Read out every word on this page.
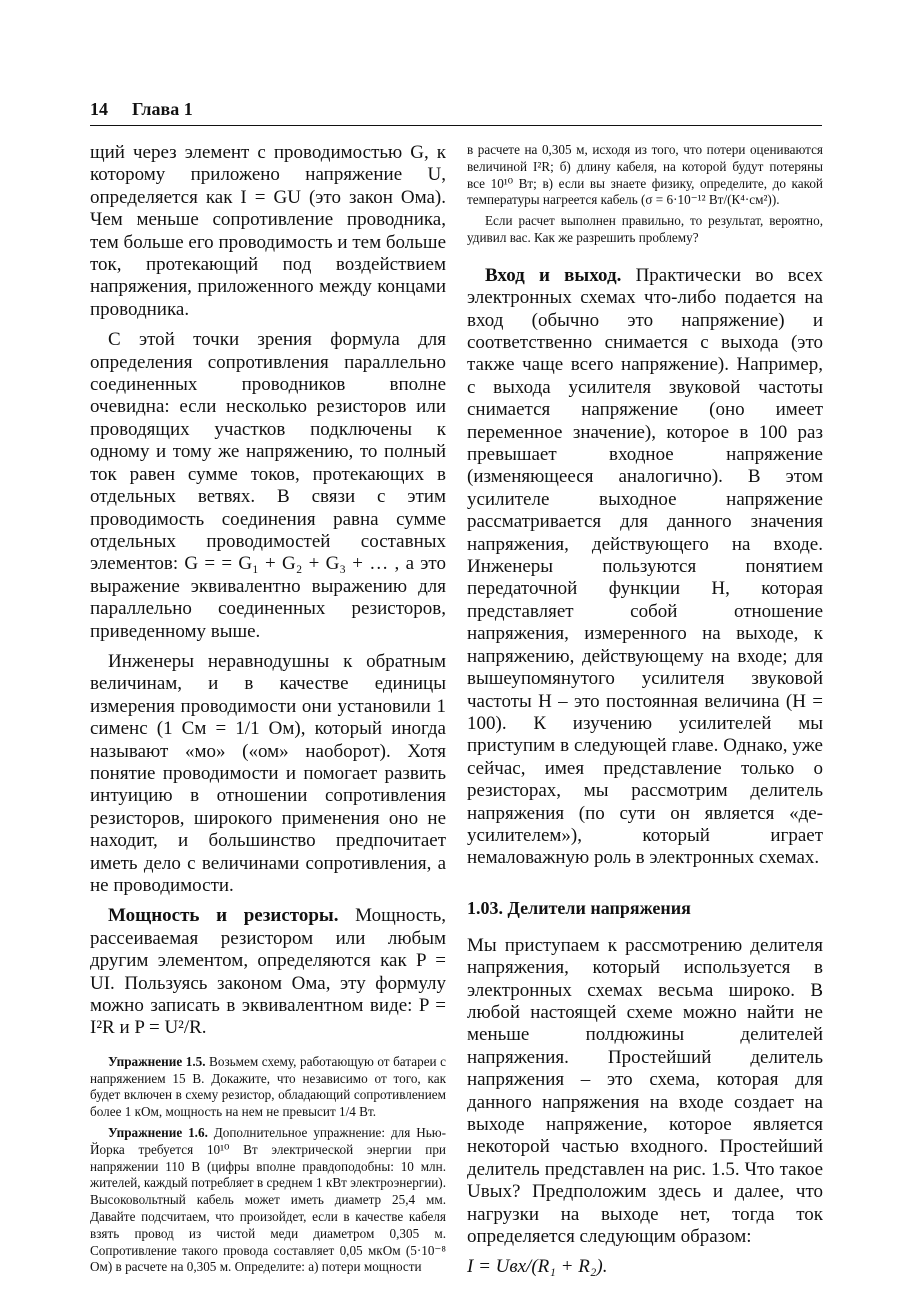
14 Глава 1

щий через элемент с проводимостью G, к которому приложено напряжение U, определяется как I = GU (это закон Ома). Чем меньше сопротивление проводника, тем больше его проводимость и тем больше ток, протекающий под воздействием напряжения, приложенного между концами проводника.

С этой точки зрения формула для определения сопротивления параллельно соединенных проводников вполне очевидна: если несколько резисторов или проводящих участков подключены к одному и тому же напряжению, то полный ток равен сумме токов, протекающих в отдельных ветвях. В связи с этим проводимость соединения равна сумме отдельных проводимостей составных элементов: G = = G₁ + G₂ + G₃ + … , а это выражение эквивалентно выражению для параллельно соединенных резисторов, приведенному выше.

Инженеры неравнодушны к обратным величинам, и в качестве единицы измерения проводимости они установили 1 сименс (1 См = 1/1 Ом), который иногда называют «мо» («ом» наоборот). Хотя понятие проводимости и помогает развить интуицию в отношении сопротивления резисторов, широкого применения оно не находит, и большинство предпочитает иметь дело с величинами сопротивления, а не проводимости.

Мощность и резисторы. Мощность, рассеиваемая резистором или любым другим элементом, определяются как P = UI. Пользуясь законом Ома, эту формулу можно записать в эквивалентном виде: P = I²R и P = U²/R.

Упражнение 1.5. Возьмем схему, работающую от батареи с напряжением 15 В. Докажите, что независимо от того, как будет включен в схему резистор, обладающий сопротивлением более 1 кОм, мощность на нем не превысит 1/4 Вт.

Упражнение 1.6. Дополнительное упражнение: для Нью-Йорка требуется 10¹⁰ Вт электрической энергии при напряжении 110 В (цифры вполне правдоподобны: 10 млн. жителей, каждый потребляет в среднем 1 кВт электроэнергии). Высоковольтный кабель может иметь диаметр 25,4 мм. Давайте подсчитаем, что произойдет, если в качестве кабеля взять провод из чистой меди диаметром 0,305 м. Сопротивление такого провода составляет 0,05 мкОм (5·10⁻⁸ Ом) в расчете на 0,305 м. Определите: а) потери мощности

в расчете на 0,305 м, исходя из того, что потери оцениваются величиной I²R; б) длину кабеля, на которой будут потеряны все 10¹⁰ Вт; в) если вы знаете физику, определите, до какой температуры нагреется кабель (σ = 6·10⁻¹² Вт/(К⁴·см²)).

Если расчет выполнен правильно, то результат, вероятно, удивил вас. Как же разрешить проблему?

Вход и выход. Практически во всех электронных схемах что-либо подается на вход (обычно это напряжение) и соответственно снимается с выхода (это также чаще всего напряжение). Например, с выхода усилителя звуковой частоты снимается напряжение (оно имеет переменное значение), которое в 100 раз превышает входное напряжение (изменяющееся аналогично). В этом усилителе выходное напряжение рассматривается для данного значения напряжения, действующего на входе. Инженеры пользуются понятием передаточной функции H, которая представляет собой отношение напряжения, измеренного на выходе, к напряжению, действующему на входе; для вышеупомянутого усилителя звуковой частоты H – это постоянная величина (H = 100). К изучению усилителей мы приступим в следующей главе. Однако, уже сейчас, имея представление только о резисторах, мы рассмотрим делитель напряжения (по сути он является «де-усилителем»), который играет немаловажную роль в электронных схемах.

1.03. Делители напряжения

Мы приступаем к рассмотрению делителя напряжения, который используется в электронных схемах весьма широко. В любой настоящей схеме можно найти не меньше полдюжины делителей напряжения. Простейший делитель напряжения – это схема, которая для данного напряжения на входе создает на выходе напряжение, которое является некоторой частью входного. Простейший делитель представлен на рис. 1.5. Что такое Uвых? Предположим здесь и далее, что нагрузки на выходе нет, тогда ток определяется следующим образом:

I = Uвх/(R₁ + R₂).
